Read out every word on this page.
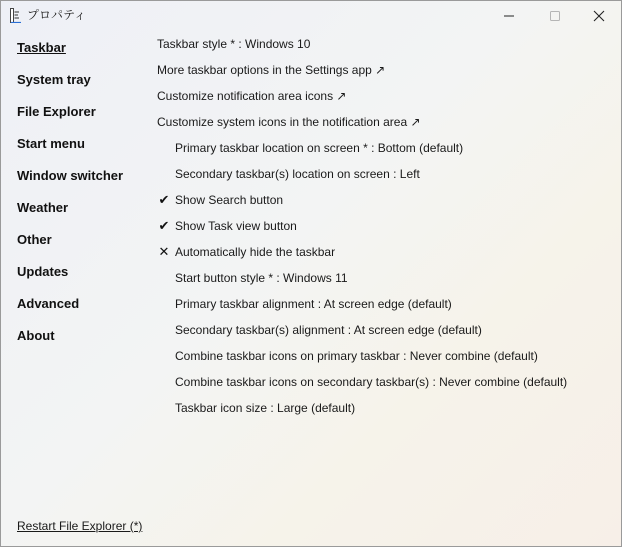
プロパティ
Taskbar
System tray
File Explorer
Start menu
Window switcher
Weather
Other
Updates
Advanced
About
Taskbar style * : Windows 10
More taskbar options in the Settings app ↗
Customize notification area icons ↗
Customize system icons in the notification area ↗
Primary taskbar location on screen * : Bottom (default)
Secondary taskbar(s) location on screen : Left
✔ Show Search button
✔ Show Task view button
✕ Automatically hide the taskbar
Start button style * : Windows 11
Primary taskbar alignment : At screen edge (default)
Secondary taskbar(s) alignment : At screen edge (default)
Combine taskbar icons on primary taskbar : Never combine (default)
Combine taskbar icons on secondary taskbar(s) : Never combine (default)
Taskbar icon size : Large (default)
Restart File Explorer (*)
